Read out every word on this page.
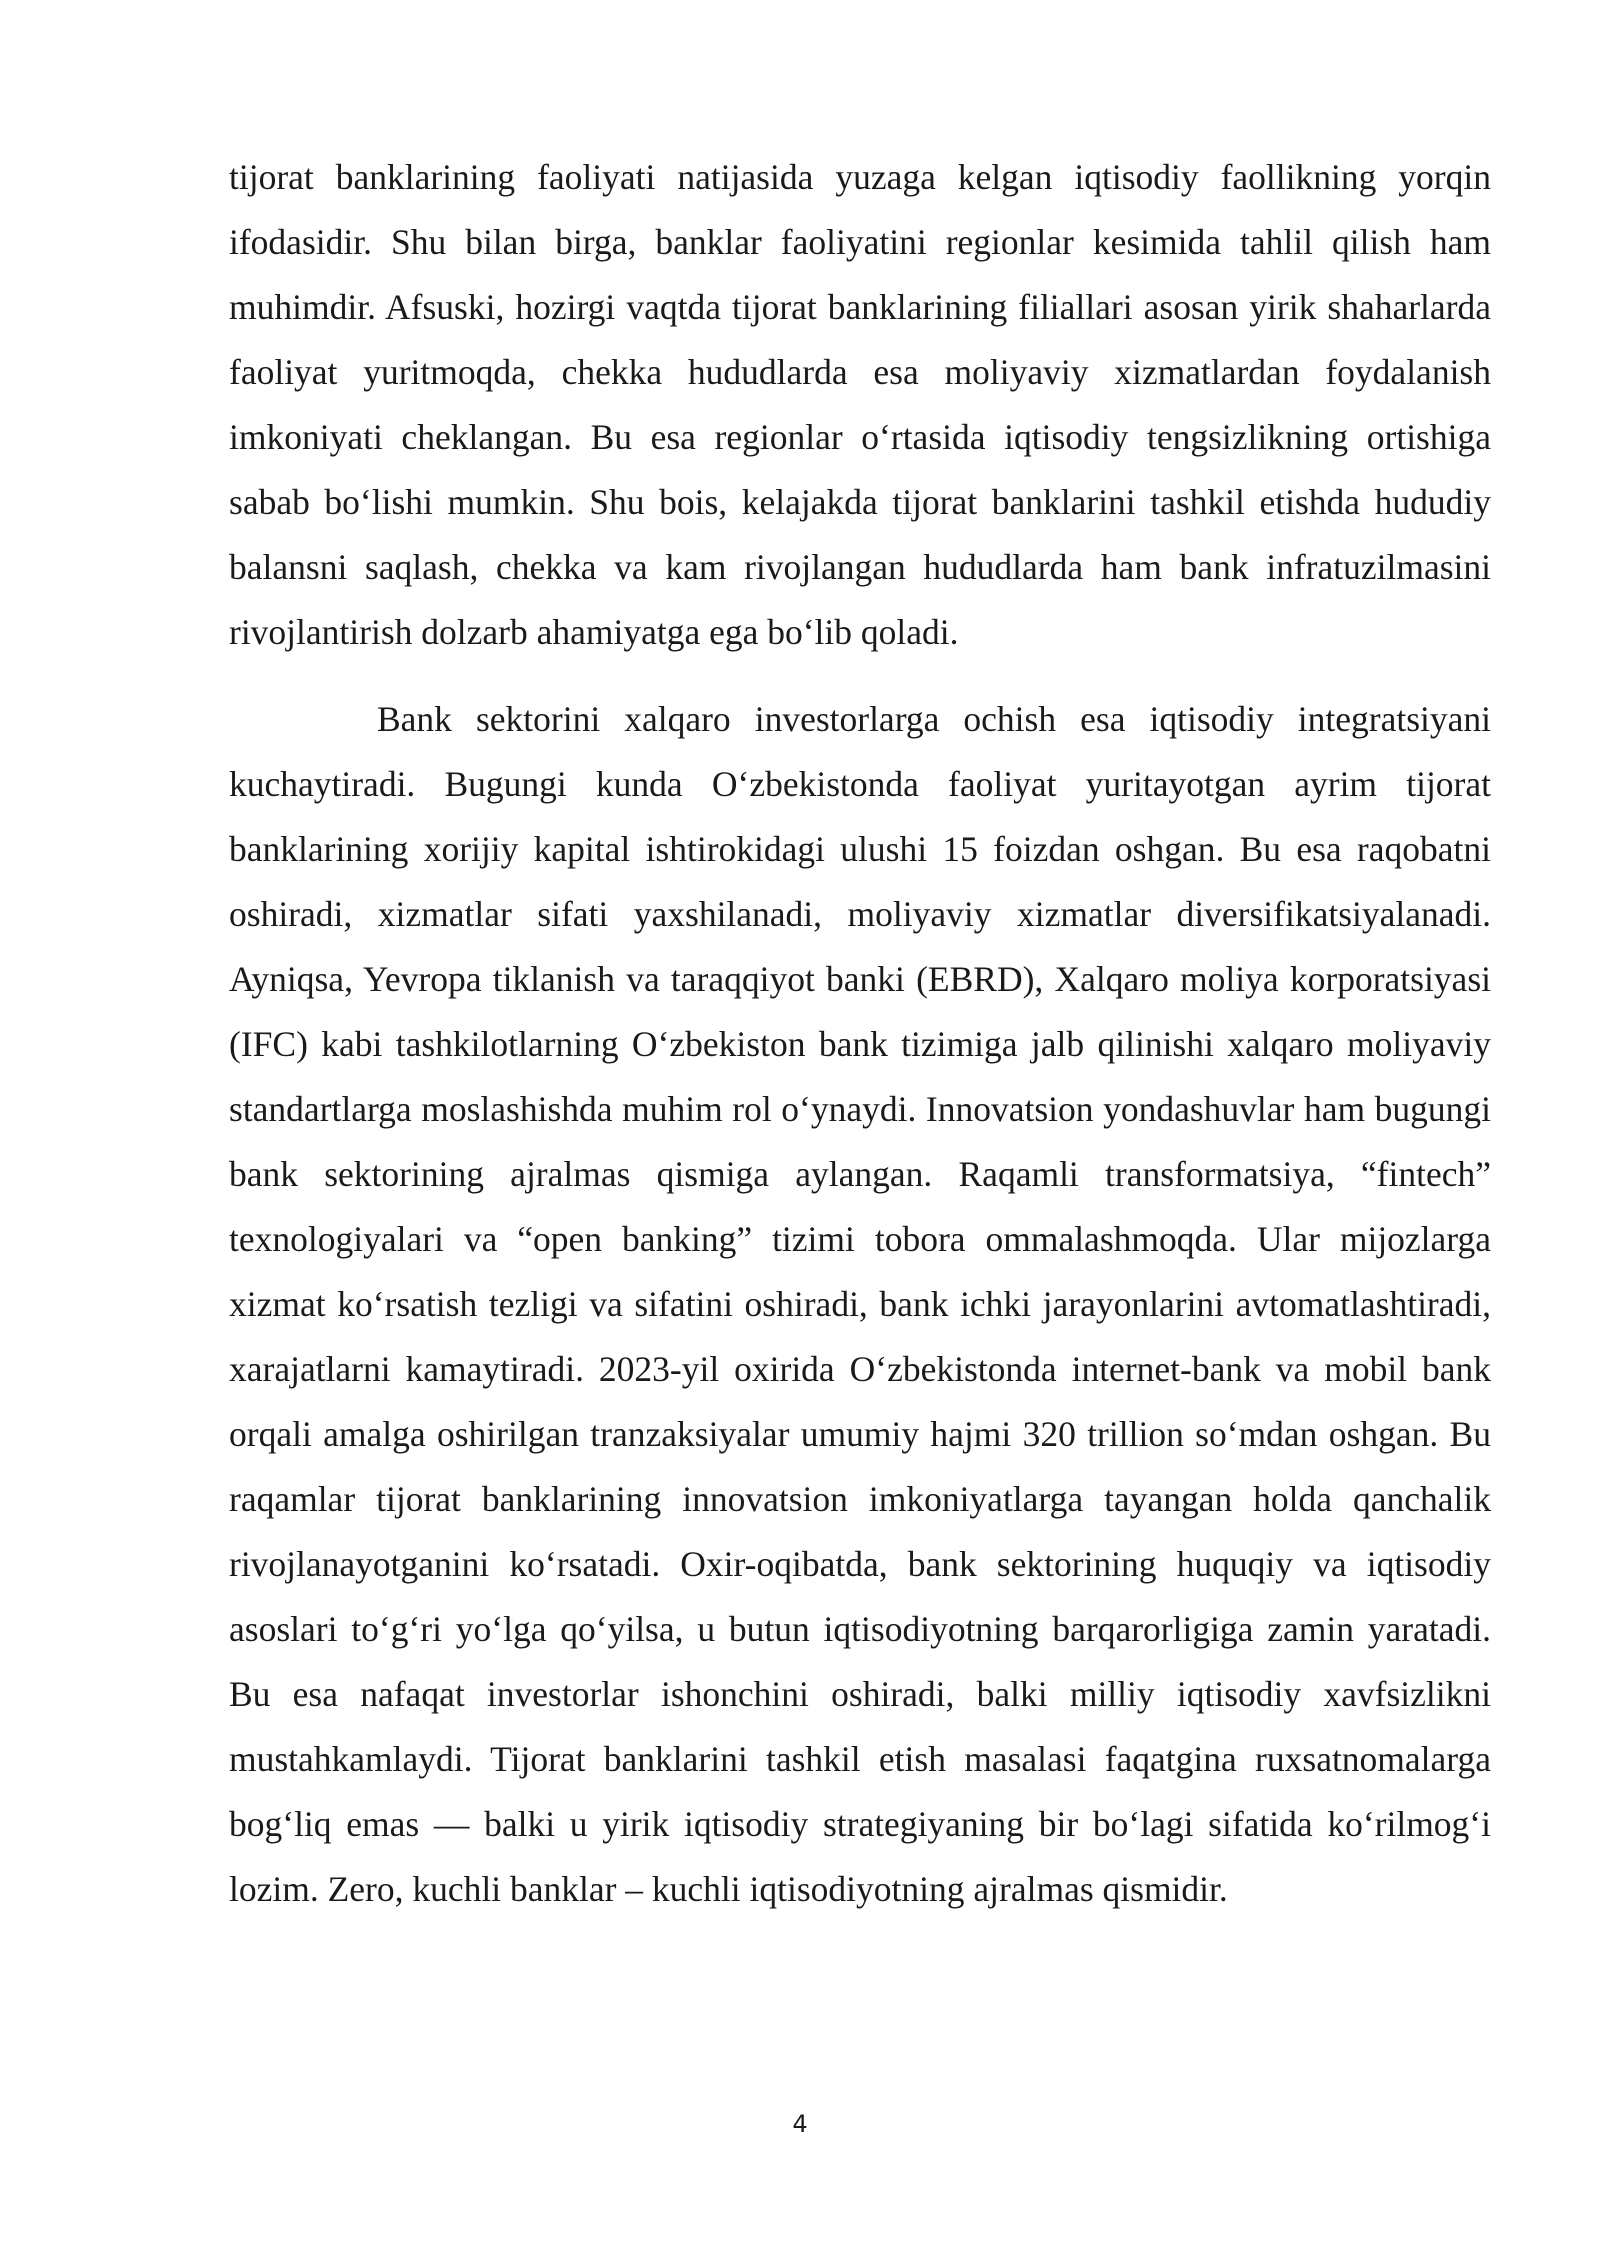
tijorat banklarining faoliyati natijasida yuzaga kelgan iqtisodiy faollikning yorqin ifodasidir. Shu bilan birga, banklar faoliyatini regionlar kesimida tahlil qilish ham muhimdir. Afsuski, hozirgi vaqtda tijorat banklarining filiallari asosan yirik shaharlarda faoliyat yuritmoqda, chekka hududlarda esa moliyaviy xizmatlardan foydalanish imkoniyati cheklangan. Bu esa regionlar o‘rtasida iqtisodiy tengsizlikning ortishiga sabab bo‘lishi mumkin. Shu bois, kelajakda tijorat banklarini tashkil etishda hududiy balansni saqlash, chekka va kam rivojlangan hududlarda ham bank infratuzilmasini rivojlantirish dolzarb ahamiyatga ega bo‘lib qoladi.

Bank sektorini xalqaro investorlarga ochish esa iqtisodiy integratsiyani kuchaytiradi. Bugungi kunda O‘zbekistonda faoliyat yuritayotgan ayrim tijorat banklarining xorijiy kapital ishtirokidagi ulushi 15 foizdan oshgan. Bu esa raqobatni oshiradi, xizmatlar sifati yaxshilanadi, moliyaviy xizmatlar diversifikatsiyalanadi. Ayniqsa, Yevropa tiklanish va taraqqiyot banki (EBRD), Xalqaro moliya korporatsiyasi (IFC) kabi tashkilotlarning O‘zbekiston bank tizimiga jalb qilinishi xalqaro moliyaviy standartlarga moslashishda muhim rol o‘ynaydi. Innovatsion yondashuvlar ham bugungi bank sektorining ajralmas qismiga aylangan. Raqamli transformatsiya, “fintech” texnologiyalari va “open banking” tizimi tobora ommalashmoqda. Ular mijozlarga xizmat ko‘rsatish tezligi va sifatini oshiradi, bank ichki jarayonlarini avtomatlashtiradi, xarajatlarni kamaytiradi. 2023-yil oxirida O‘zbekistonda internet-bank va mobil bank orqali amalga oshirilgan tranzaksiyalar umumiy hajmi 320 trillion so‘mdan oshgan. Bu raqamlar tijorat banklarining innovatsion imkoniyatlarga tayangan holda qanchalik rivojlanayotganini ko‘rsatadi. Oxir-oqibatda, bank sektorining huquqiy va iqtisodiy asoslari to‘g‘ri yo‘lga qo‘yilsa, u butun iqtisodiyotning barqarorligiga zamin yaratadi. Bu esa nafaqat investorlar ishonchini oshiradi, balki milliy iqtisodiy xavfsizlikni mustahkamlaydi. Tijorat banklarini tashkil etish masalasi faqatgina ruxsatnomalarga bog‘liq emas — balki u yirik iqtisodiy strategiyaning bir bo‘lagi sifatida ko‘rilmog‘i lozim. Zero, kuchli banklar – kuchli iqtisodiyotning ajralmas qismidir.

4
